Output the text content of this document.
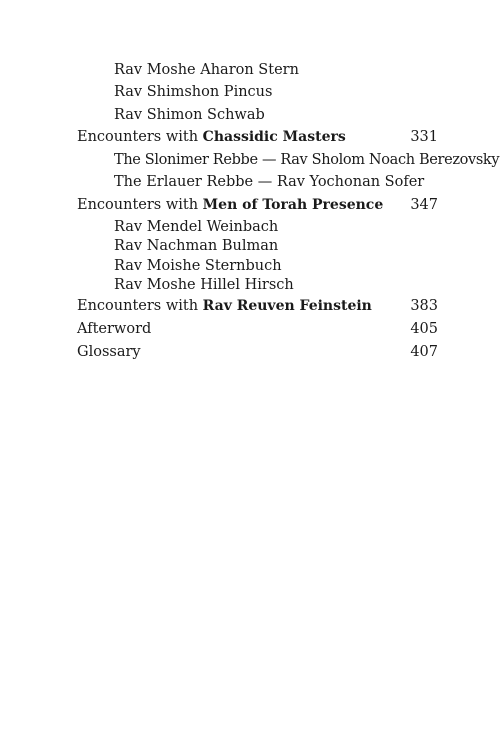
Rav Moshe Aharon Stern
Rav Shimshon Pincus
Rav Shimon Schwab
Encounters with Chassidic Masters	331
The Slonimer Rebbe — Rav Sholom Noach Berezovsky
The Erlauer Rebbe — Rav Yochonan Sofer
Encounters with Men of Torah Presence 347
Rav Mendel Weinbach
Rav Nachman Bulman
Rav Moishe Sternbuch
Rav Moshe Hillel Hirsch
Encounters with Rav Reuven Feinstein	383
Afterword	405
Glossary	407
